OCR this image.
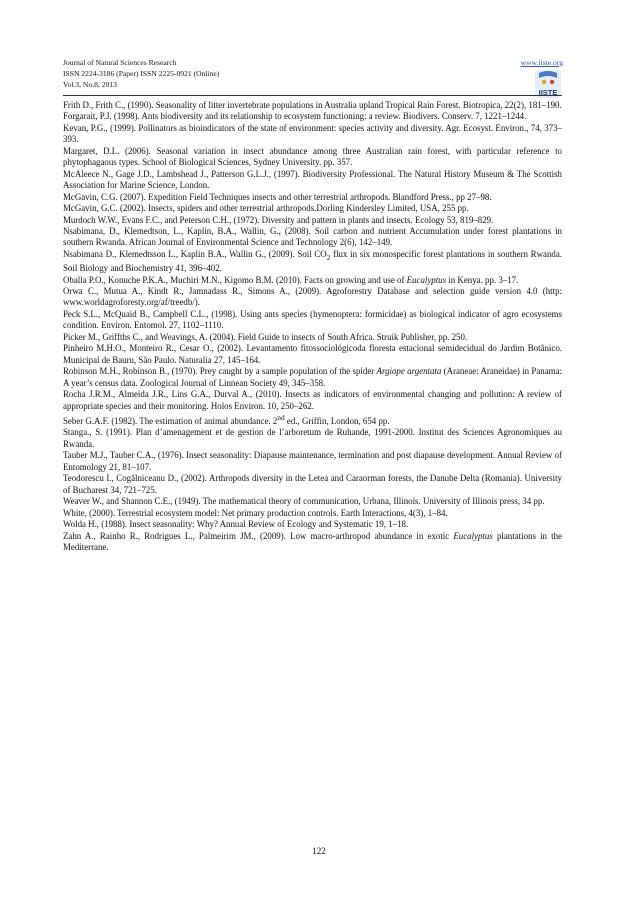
Journal of Natural Sciences Research
ISSN 2224-3186 (Paper) ISSN 2225-0921 (Online)
Vol.3, No.8, 2013
www.iiste.org
IISTE

Frith D., Frith C., (1990). Seasonality of litter invertebrate populations in Australia upland Tropical Rain Forest. Biotropica, 22(2), 181–190.

Forgarait, P.J. (1998). Ants biodiversity and its relationship to ecosystem functioning: a review. Biodivers. Conserv. 7, 1221–1244.

Kevan, P.G., (1999). Pollinators as bioindicators of the state of environment: species activity and diversity. Agr. Ecosyst. Environ., 74, 373–393.

Margaret, D.L. (2006). Seasonal variation in insect abundance among three Australian rain forest, with particular reference to phytophagaous types. School of Biological Sciences, Sydney University. pp. 357.

McAleece N., Gage J.D., Lambshead J., Patterson G.L.J., (1997). Biodiversity Professional. The Natural History Museum & The Scottish Association for Marine Science, London.

McGavin, C.G. (2007). Expedition Field Techniques insects and other terrestrial arthropods. Blandford Press., pp 27–98.

McGavin, G.C. (2002). Insects, spiders and other terrestrial arthropods.Dorling Kindersley Limited, USA, 255 pp.

Murdoch W.W., Evans F.C., and Peterson C.H., (1972). Diversity and pattern in plants and insects. Ecology 53, 819–829.

Nsabimana, D., Klemedtson, L., Kaplin, B.A., Wallin, G., (2008). Soil carbon and nutrient Accumulation under forest plantations in southern Rwanda. African Journal of Environmental Science and Technology 2(6), 142–149.

Nsabimana D., Klemedtsson L., Kaplin B.A., Wallin G., (2009). Soil $CO_2$ flux in six monospecific forest plantations in southern Rwanda. Soil Biology and Biochemistry 41, 396–402.

Oballa P.O., Konuche P.K.A., Muchiri M.N., Kigomo B.M. (2010). Facts on growing and use of Eucalyptus in Kenya. pp. 3–17.

Orwa C., Mutua A., Kindt R., Jamnadass R., Simons A., (2009). Agroforestry Database and selection guide version 4.0 (http: www.worldagroforesty.org/af/treedb/).

Peck S.L., McQuaid B., Campbell C.L., (1998). Using ants species (hymenoptera: formicidae) as biological indicator of agro ecosystems condition. Environ. Entomol. 27, 1102–1110.

Picker M., Griffths C., and Weavings, A. (2004). Field Guide to insects of South Africa. Struik Publisher, pp. 250.

Pinheiro M.H.O., Monteiro R., Cesar O., (2002). Levantamento fitossociológicoda floresta estacional semidecidual do Jardim Botânico. Municipal de Bauru, São Paulo. Naturalia 27, 145–164.

Robinson M.H., Robinson B., (1970). Prey caught by a sample population of the spider Argiope argentata (Araneae: Araneidae) in Panama: A year’s census data. Zoological Journal of Linnean Society 49, 345–358.

Rocha J.R.M., Almeida J.R., Lins G.A., Durval A., (2010). Insects as indicators of environmental changing and pollution: A review of appropriate species and their monitoring. Holos Environ. 10, 250–262.

Seber G.A.F. (1982). The estimation of animal abundance. 2nd ed., Griffin, London, 654 pp.

Stanga., S. (1991). Plan d’amenagement et de gestion de l’arboretum de Ruhande, 1991-2000. Institut des Sciences Agronomiques au Rwanda.

Tauber M.J., Tauber C.A., (1976). Insect seasonality: Diapause maintenance, termination and post diapause development. Annual Review of Entomology 21, 81–107.

Teodorescu I., Cogălniceanu D., (2002). Arthropods diversity in the Letea and Caraorman forests, the Danube Delta (Romania). University of Bucharest 34, 721–725.

Weaver W., and Shannon C.E., (1949). The mathematical theory of communication, Urbana, Illinois. University of Illinois press, 34 pp.

White, (2000). Terrestrial ecosystem model: Net primary production controls. Earth Interactions, 4(3), 1–84.

Wolda H., (1988). Insect seasonality: Why? Annual Review of Ecology and Systematic 19, 1–18.

Zahn A., Rainho R., Rodrigues L., Palmeirim JM., (2009). Low macro-arthropod abundance in exotic Eucalyptus plantations in the Mediterrane.

122
